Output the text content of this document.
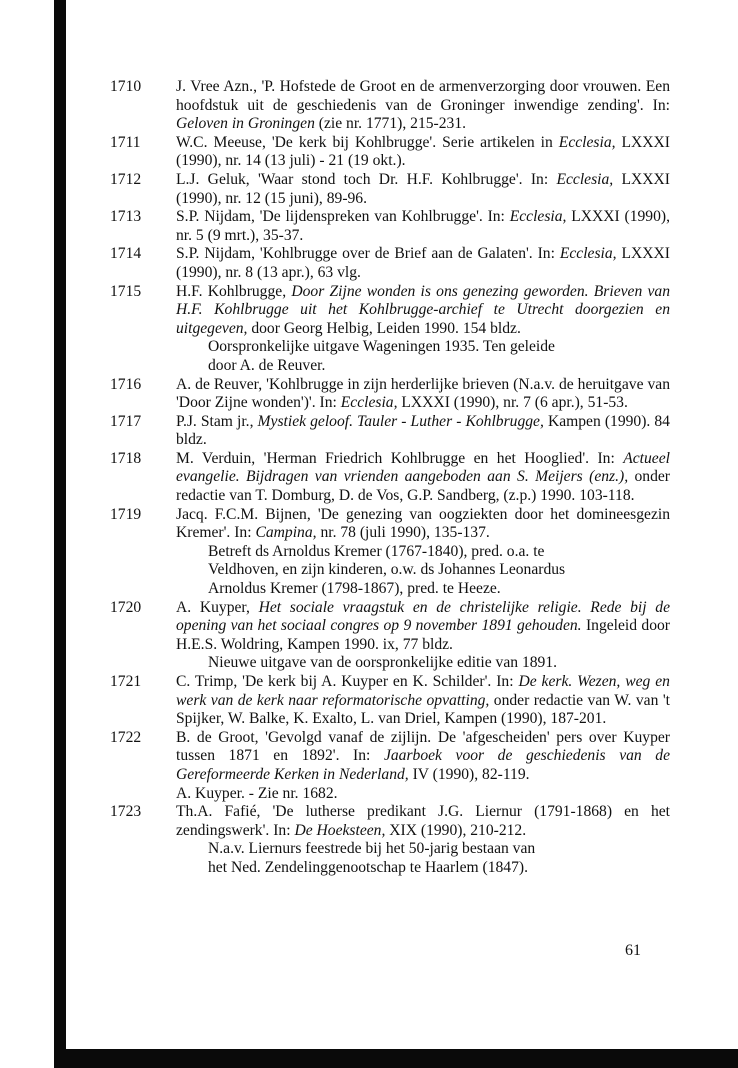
1710	J. Vree Azn., 'P. Hofstede de Groot en de armenverzorging door vrouwen. Een hoofdstuk uit de geschiedenis van de Groninger inwendige zending'. In: Geloven in Groningen (zie nr. 1771), 215-231.
1711	W.C. Meeuse, 'De kerk bij Kohlbrugge'. Serie artikelen in Ecclesia, LXXXI (1990), nr. 14 (13 juli) - 21 (19 okt.).
1712	L.J. Geluk, 'Waar stond toch Dr. H.F. Kohlbrugge'. In: Ecclesia, LXXXI (1990), nr. 12 (15 juni), 89-96.
1713	S.P. Nijdam, 'De lijdenspreken van Kohlbrugge'. In: Ecclesia, LXXXI (1990), nr. 5 (9 mrt.), 35-37.
1714	S.P. Nijdam, 'Kohlbrugge over de Brief aan de Galaten'. In: Ecclesia, LXXXI (1990), nr. 8 (13 apr.), 63 vlg.
1715	H.F. Kohlbrugge, Door Zijne wonden is ons genezing geworden. Brieven van H.F. Kohlbrugge uit het Kohlbrugge-archief te Utrecht doorgezien en uitgegeven, door Georg Helbig, Leiden 1990. 154 bldz.
Oorspronkelijke uitgave Wageningen 1935. Ten geleide
door A. de Reuver.
1716	A. de Reuver, 'Kohlbrugge in zijn herderlijke brieven (N.a.v. de heruitgave van 'Door Zijne wonden')'. In: Ecclesia, LXXXI (1990), nr. 7 (6 apr.), 51-53.
1717	P.J. Stam jr., Mystiek geloof. Tauler - Luther - Kohlbrugge, Kampen (1990). 84 bldz.
1718	M. Verduin, 'Herman Friedrich Kohlbrugge en het Hooglied'. In: Actueel evangelie. Bijdragen van vrienden aangeboden aan S. Meijers (enz.), onder redactie van T. Domburg, D. de Vos, G.P. Sandberg, (z.p.) 1990. 103-118.
1719	Jacq. F.C.M. Bijnen, 'De genezing van oogziekten door het domineesgezin Kremer'. In: Campina, nr. 78 (juli 1990), 135-137.
Betreft ds Arnoldus Kremer (1767-1840), pred. o.a. te
Veldhoven, en zijn kinderen, o.w. ds Johannes Leonardus
Arnoldus Kremer (1798-1867), pred. te Heeze.
1720	A. Kuyper, Het sociale vraagstuk en de christelijke religie. Rede bij de opening van het sociaal congres op 9 november 1891 gehouden. Ingeleid door H.E.S. Woldring, Kampen 1990. ix, 77 bldz.
Nieuwe uitgave van de oorspronkelijke editie van 1891.
1721	C. Trimp, 'De kerk bij A. Kuyper en K. Schilder'. In: De kerk. Wezen, weg en werk van de kerk naar reformatorische opvatting, onder redactie van W. van 't Spijker, W. Balke, K. Exalto, L. van Driel, Kampen (1990), 187-201.
1722	B. de Groot, 'Gevolgd vanaf de zijlijn. De 'afgescheiden' pers over Kuyper tussen 1871 en 1892'. In: Jaarboek voor de geschiedenis van de Gereformeerde Kerken in Nederland, IV (1990), 82-119.
A. Kuyper. - Zie nr. 1682.
1723	Th.A. Fafié, 'De lutherse predikant J.G. Liernur (1791-1868) en het zendingswerk'. In: De Hoeksteen, XIX (1990), 210-212.
N.a.v. Liernurs feestrede bij het 50-jarig bestaan van
het Ned. Zendelinggenootschap te Haarlem (1847).
61
